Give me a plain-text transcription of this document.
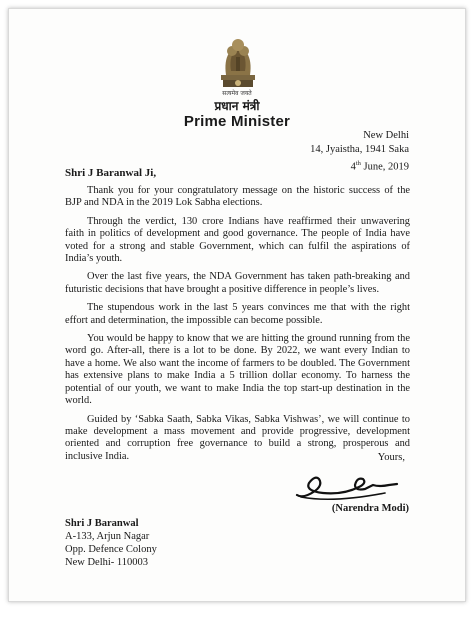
सत्यमेव जयते
प्रधान मंत्री
Prime Minister
New Delhi
14, Jyaistha, 1941 Saka
4th June, 2019
Shri J Baranwal Ji,

Thank you for your congratulatory message on the historic success of the BJP and NDA in the 2019 Lok Sabha elections.

Through the verdict, 130 crore Indians have reaffirmed their unwavering faith in politics of development and good governance. The people of India have voted for a strong and stable Government, which can fulfil the aspirations of India’s youth.

Over the last five years, the NDA Government has taken path-breaking and futuristic decisions that have brought a positive difference in people’s lives.

The stupendous work in the last 5 years convinces me that with the right effort and determination, the impossible can become possible.

You would be happy to know that we are hitting the ground running from the word go. After-all, there is a lot to be done. By 2022, we want every Indian to have a home. We also want the income of farmers to be doubled. The Government has extensive plans to make India a 5 trillion dollar economy. To harness the potential of our youth, we want to make India the top start-up destination in the world.

Guided by ‘Sabka Saath, Sabka Vikas, Sabka Vishwas’, we will continue to make development a mass movement and provide progressive, development oriented and corruption free governance to build a strong, prosperous and inclusive India.	Yours,
(Narendra Modi)
Shri J Baranwal
A-133, Arjun Nagar
Opp. Defence Colony
New Delhi- 110003
